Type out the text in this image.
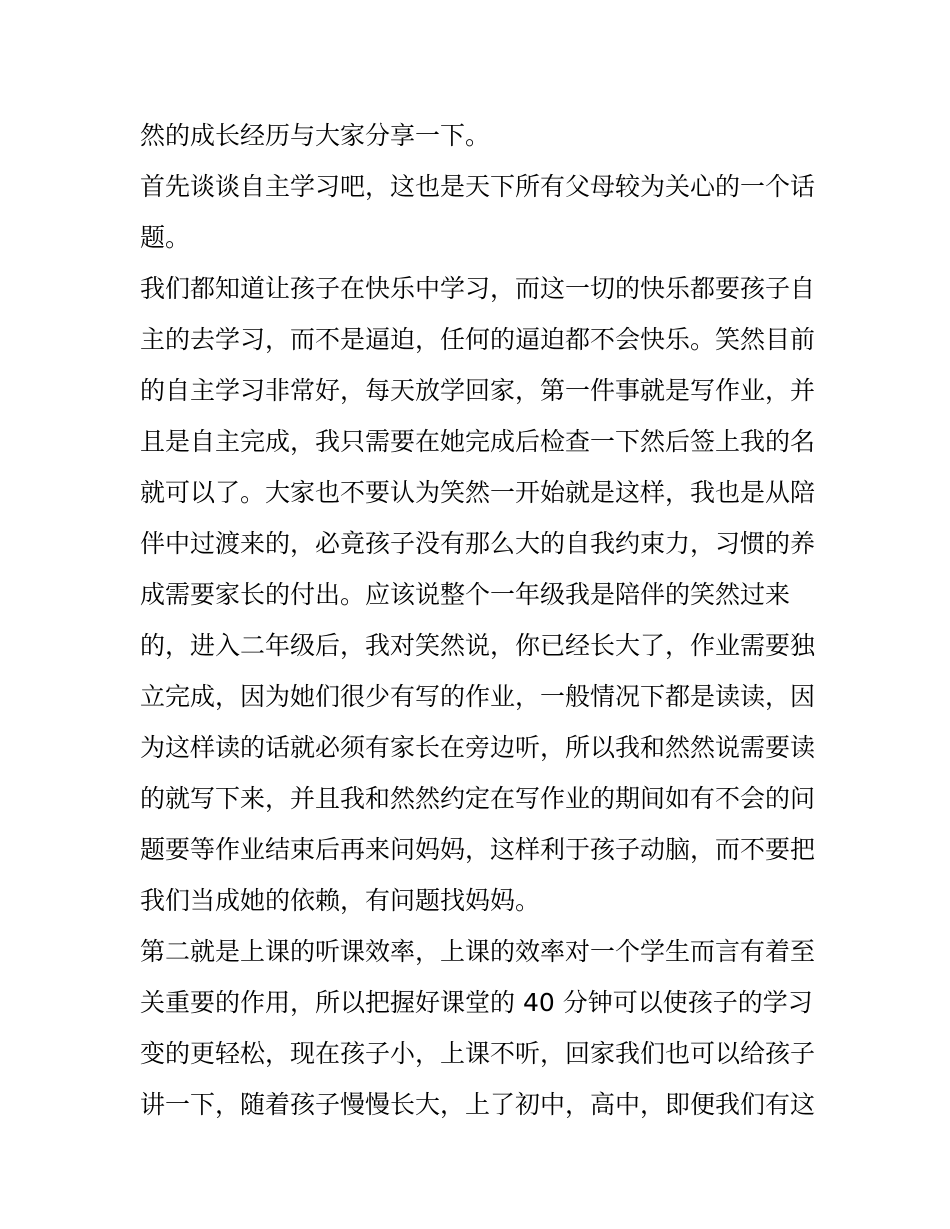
然的成长经历与大家分享一下。
首先谈谈自主学习吧，这也是天下所有父母较为关心的一个话
题。
我们都知道让孩子在快乐中学习，而这一切的快乐都要孩子自
主的去学习，而不是逼迫，任何的逼迫都不会快乐。笑然目前
的自主学习非常好，每天放学回家，第一件事就是写作业，并
且是自主完成，我只需要在她完成后检查一下然后签上我的名
就可以了。大家也不要认为笑然一开始就是这样，我也是从陪
伴中过渡来的，必竟孩子没有那么大的自我约束力，习惯的养
成需要家长的付出。应该说整个一年级我是陪伴的笑然过来
的，进入二年级后，我对笑然说，你已经长大了，作业需要独
立完成，因为她们很少有写的作业，一般情况下都是读读，因
为这样读的话就必须有家长在旁边听，所以我和然然说需要读
的就写下来，并且我和然然约定在写作业的期间如有不会的问
题要等作业结束后再来问妈妈，这样利于孩子动脑，而不要把
我们当成她的依赖，有问题找妈妈。
第二就是上课的听课效率，上课的效率对一个学生而言有着至
关重要的作用，所以把握好课堂的 40 分钟可以使孩子的学习
变的更轻松，现在孩子小，上课不听，回家我们也可以给孩子
讲一下，随着孩子慢慢长大，上了初中，高中，即便我们有这
